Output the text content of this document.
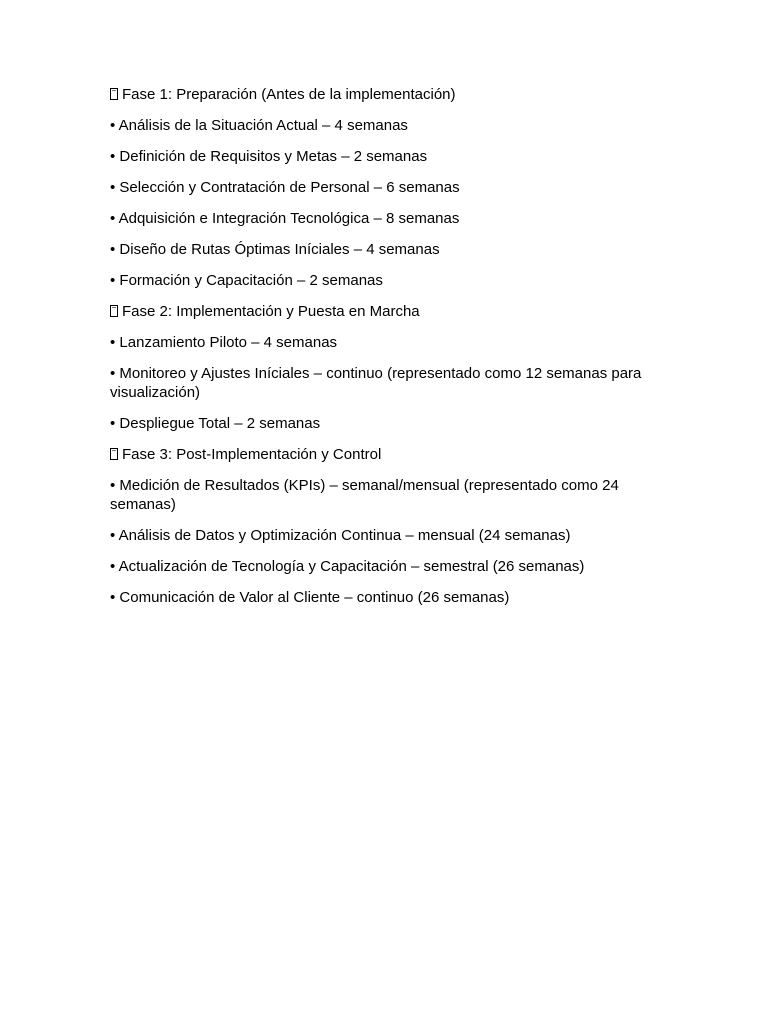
Fase 1: Preparación (Antes de la implementación)
• Análisis de la Situación Actual – 4 semanas
• Definición de Requisitos y Metas – 2 semanas
• Selección y Contratación de Personal – 6 semanas
• Adquisición e Integración Tecnológica – 8 semanas
• Diseño de Rutas Óptimas Iníciales – 4 semanas
• Formación y Capacitación – 2 semanas
Fase 2: Implementación y Puesta en Marcha
• Lanzamiento Piloto – 4 semanas
• Monitoreo y Ajustes Iníciales – continuo (representado como 12 semanas para visualización)
• Despliegue Total – 2 semanas
Fase 3: Post-Implementación y Control
• Medición de Resultados (KPIs) – semanal/mensual (representado como 24 semanas)
• Análisis de Datos y Optimización Continua – mensual (24 semanas)
• Actualización de Tecnología y Capacitación – semestral (26 semanas)
• Comunicación de Valor al Cliente – continuo (26 semanas)
